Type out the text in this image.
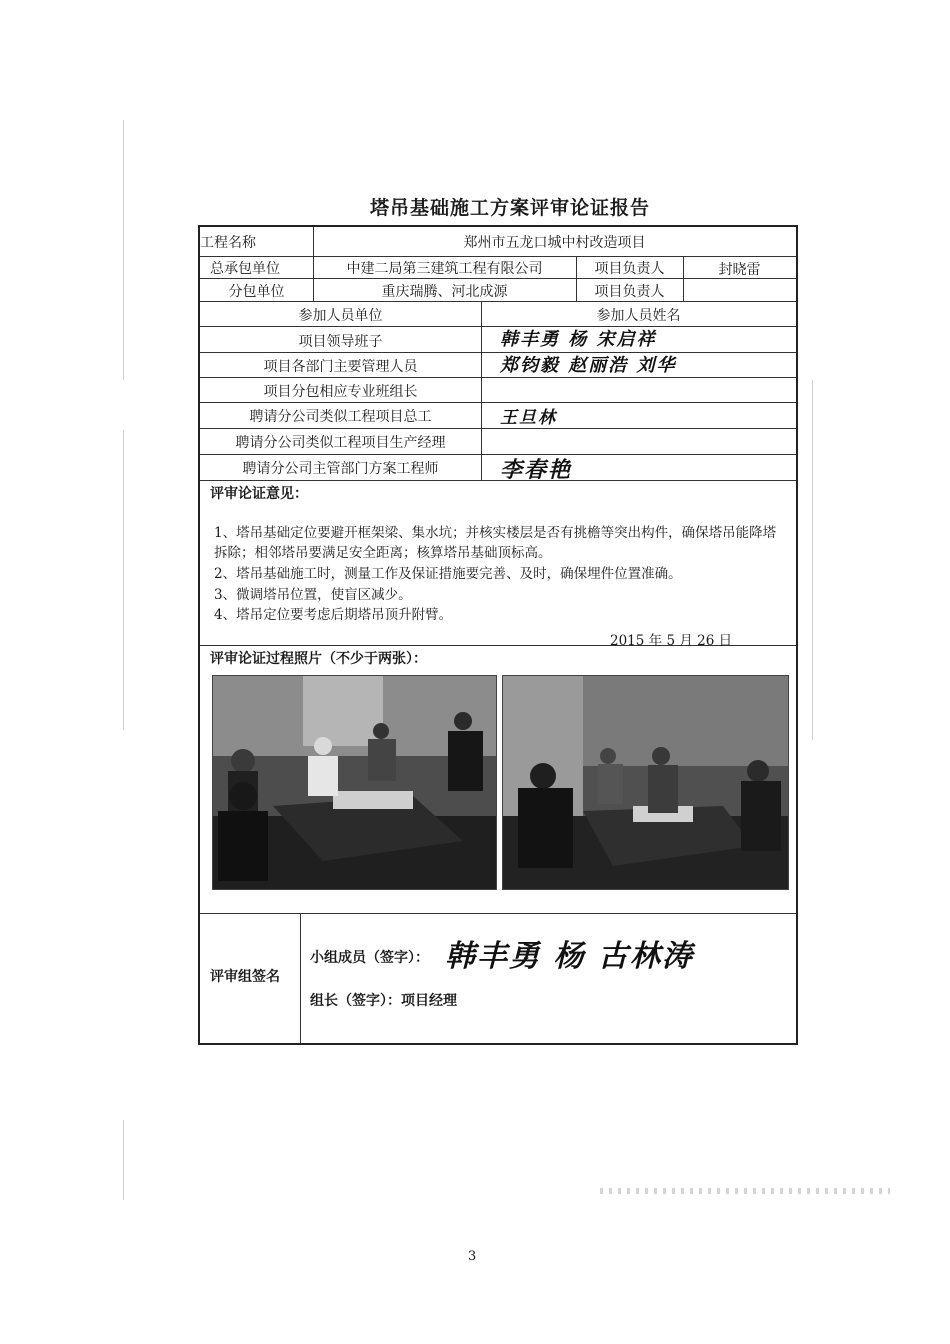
塔吊基础施工方案评审论证报告
工程名称	郑州市五龙口城中村改造项目
总承包单位	中建二局第三建筑工程有限公司	项目负责人	封晓雷
分包单位	重庆瑞腾、河北成源	项目负责人
参加人员单位	参加人员姓名
项目领导班子	韩丰勇 杨 宋启祥
项目各部门主要管理人员	郑钧毅 赵丽浩 刘华
项目分包相应专业班组长
聘请分公司类似工程项目总工	王旦林
聘请分公司类似工程项目生产经理
聘请分公司主管部门方案工程师	李春艳
评审论证意见：
1、塔吊基础定位要避开框架梁、集水坑；并核实楼层是否有挑檐等突出构件，确保塔吊能降塔拆除；相邻塔吊要满足安全距离；核算塔吊基础顶标高。
2、塔吊基础施工时，测量工作及保证措施要完善、及时，确保埋件位置准确。
3、微调塔吊位置，使盲区减少。
4、塔吊定位要考虑后期塔吊顶升附臂。
2015 年 5 月 26 日
评审论证过程照片（不少于两张）：
评审组签名
小组成员（签字）： 韩丰勇 杨 古林涛
组长（签字）：项目经理
3
